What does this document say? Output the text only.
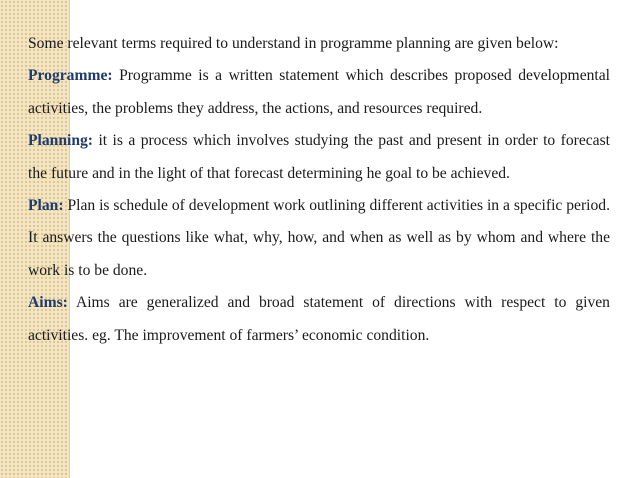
Some relevant terms required to understand in programme planning are given below:

Programme: Programme is a written statement which describes proposed developmental activities, the problems they address, the actions, and resources required.

Planning: it is a process which involves studying the past and present in order to forecast the future and in the light of that forecast determining he goal to be achieved.

Plan: Plan is schedule of development work outlining different activities in a specific period. It answers the questions like what, why, how, and when as well as by whom and where the work is to be done.

Aims: Aims are generalized and broad statement of directions with respect to given activities. eg. The improvement of farmers’ economic condition.
